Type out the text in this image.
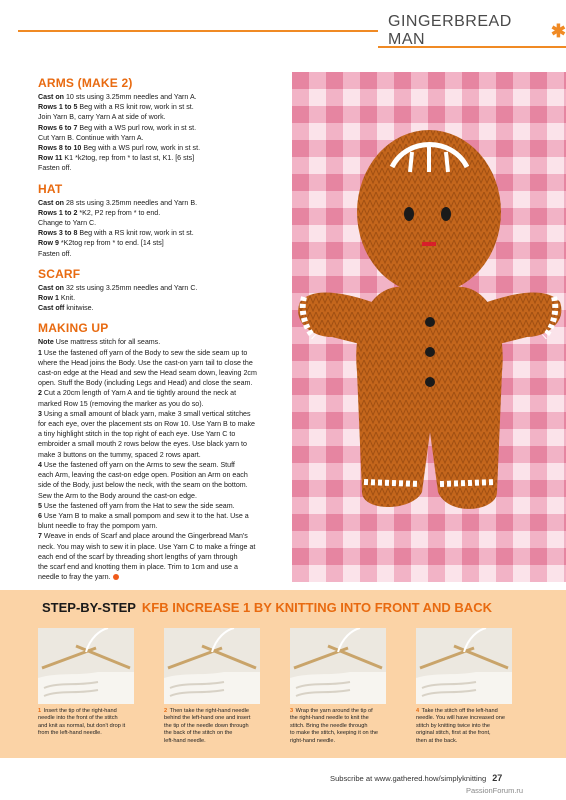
GINGERBREAD MAN	✱
ARMS (MAKE 2)
Cast on 10 sts using 3.25mm needles and Yarn A.
Rows 1 to 5 Beg with a RS knit row, work in st st.
Join Yarn B, carry Yarn A at side of work.
Rows 6 to 7 Beg with a WS purl row, work in st st.
Cut Yarn B. Continue with Yarn A.
Rows 8 to 10 Beg with a WS purl row, work in st st.
Row 11 K1 *k2tog, rep from * to last st, K1. [6 sts]
Fasten off.
HAT
Cast on 28 sts using 3.25mm needles and Yarn B.
Rows 1 to 2 *K2, P2 rep from * to end.
Change to Yarn C.
Rows 3 to 8 Beg with a RS knit row, work in st st.
Row 9 *K2tog rep from * to end. [14 sts]
Fasten off.
SCARF
Cast on 32 sts using 3.25mm needles and Yarn C.
Row 1 Knit.
Cast off knitwise.
MAKING UP
Note Use mattress stitch for all seams.
1 Use the fastened off yarn of the Body to sew the side seam up to
where the Head joins the Body. Use the cast-on yarn tail to close the
cast-on edge at the Head and sew the Head seam down, leaving 2cm
open. Stuff the Body (including Legs and Head) and close the seam.
2 Cut a 20cm length of Yarn A and tie tightly around the neck at
marked Row 15 (removing the marker as you do so).
3 Using a small amount of black yarn, make 3 small vertical stitches
for each eye, over the placement sts on Row 10. Use Yarn B to make
a tiny highlight stitch in the top right of each eye. Use Yarn C to
embroider a small mouth 2 rows below the eyes. Use black yarn to
make 3 buttons on the tummy, spaced 2 rows apart.
4 Use the fastened off yarn on the Arms to sew the seam. Stuff
each Arm, leaving the cast-on edge open. Position an Arm on each
side of the Body, just below the neck, with the seam on the bottom.
Sew the Arm to the Body around the cast-on edge.
5 Use the fastened off yarn from the Hat to sew the side seam.
6 Use Yarn B to make a small pompom and sew it to the hat. Use a
blunt needle to fray the pompom yarn.
7 Weave in ends of Scarf and place around the Gingerbread Man's
neck. You may wish to sew it in place. Use Yarn C to make a fringe at
each end of the scarf by threading short lengths of yarn through
the scarf end and knotting them in place. Trim to 1cm and use a
needle to fray the yarn.
STEP-BY-STEP KFB INCREASE 1 BY KNITTING INTO FRONT AND BACK
1 Insert the tip of the right-hand
needle into the front of the stitch
and knit as normal, but don't drop it
from the left-hand needle.
2 Then take the right-hand needle
behind the left-hand one and insert
the tip of the needle down through
the back of the stitch on the
left-hand needle.
3 Wrap the yarn around the tip of
the right-hand needle to knit the
stitch. Bring the needle through
to make the stitch, keeping it on the
right-hand needle.
4 Take the stitch off the left-hand
needle. You will have increased one
stitch by knitting twice into the
original stitch, first at the front,
then at the back.
Subscribe at www.gathered.how/simplyknitting 27
PassionForum.ru
